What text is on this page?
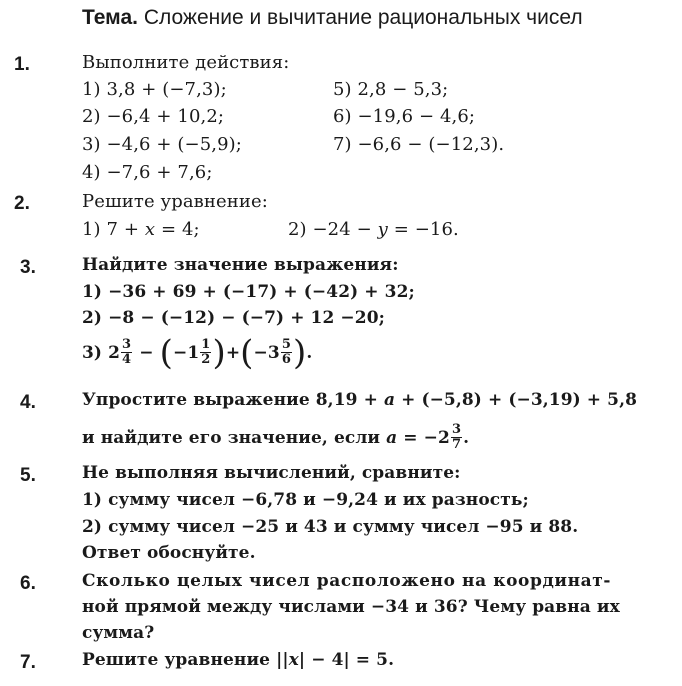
Тема. Сложение и вычитание рациональных чисел
1.	Выполните действия:
1) 3,8 + (−7,3);
2) −6,4 + 10,2;
3) −4,6 + (−5,9);
4) −7,6 + 7,6;
5) 2,8 − 5,3;
6) −19,6 − 4,6;
7) −6,6 − (−12,3).
2.	Решите уравнение:
1) 7 + x = 4;	2) −24 − y = −16.
3.	Найдите значение выражения:
1) −36 + 69 + (−17) + (−42) + 32;
2) −8 − (−12) − (−7) + 12 −20;
3)
$2 \frac{3}{4}$
−
( $-1 \frac{1}{2}$ ) + ( $-3 \frac{5}{6}$ ) .
4.	Упростите выражение 8,19 + a + (−5,8) + (−3,19) + 5,8
и найдите его значение, если
$a = -2 \frac{3}{7}$ .
5.	Не выполняя вычислений, сравните:
1) сумму чисел −6,78 и −9,24 и их разность;
2) сумму чисел −25 и 43 и сумму чисел −95 и 88.
Ответ обоснуйте.
6.	Сколько целых чисел расположено на координат-
ной прямой между числами −34 и 36? Чему равна их
сумма?
7.	Решите уравнение ||x| − 4| = 5.
